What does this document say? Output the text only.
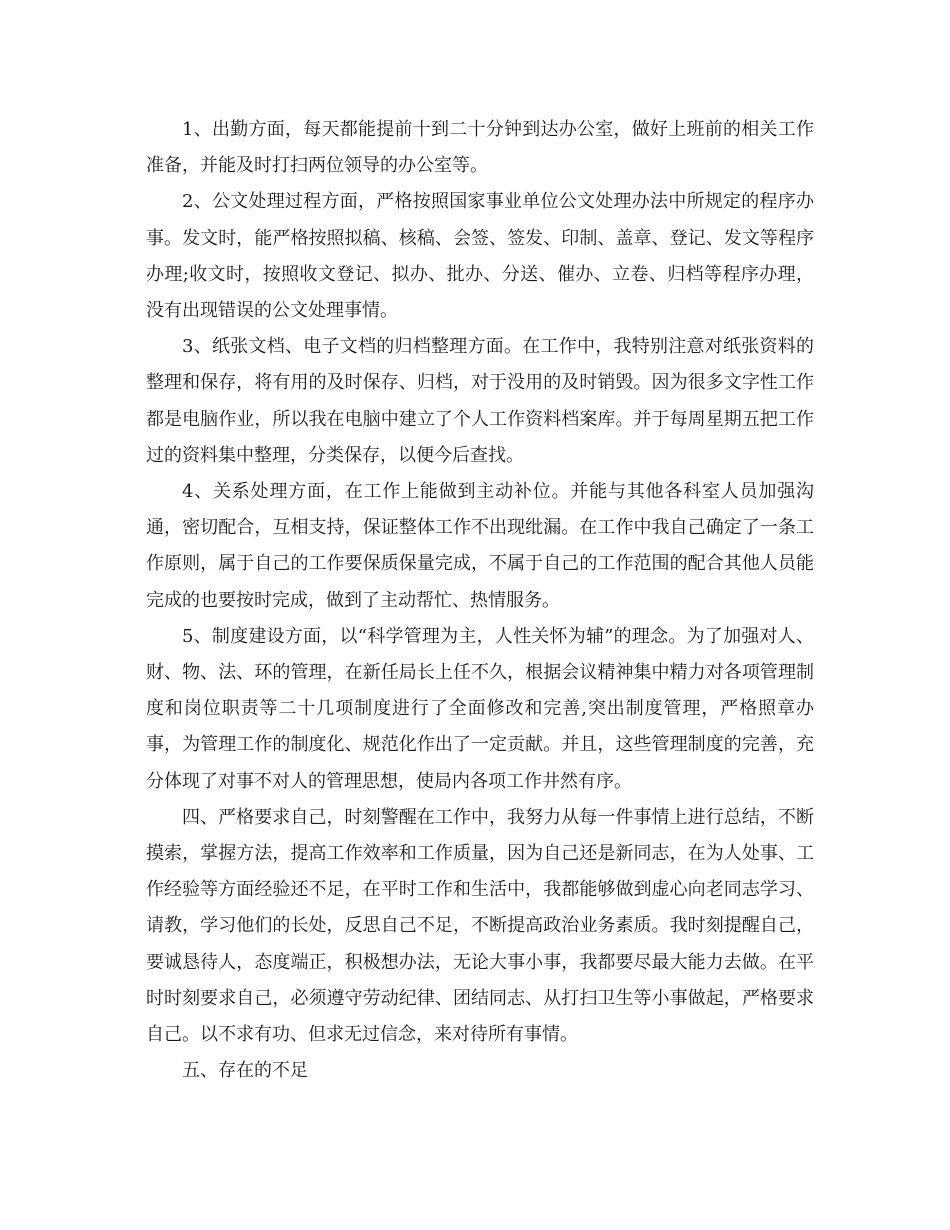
1、出勤方面，每天都能提前十到二十分钟到达办公室，做好上班前的相关工作准备，并能及时打扫两位领导的办公室等。

2、公文处理过程方面，严格按照国家事业单位公文处理办法中所规定的程序办事。发文时，能严格按照拟稿、核稿、会签、签发、印制、盖章、登记、发文等程序办理;收文时，按照收文登记、拟办、批办、分送、催办、立卷、归档等程序办理，没有出现错误的公文处理事情。

3、纸张文档、电子文档的归档整理方面。在工作中，我特别注意对纸张资料的整理和保存，将有用的及时保存、归档，对于没用的及时销毁。因为很多文字性工作都是电脑作业，所以我在电脑中建立了个人工作资料档案库。并于每周星期五把工作过的资料集中整理，分类保存，以便今后查找。

4、关系处理方面，在工作上能做到主动补位。并能与其他各科室人员加强沟通，密切配合，互相支持，保证整体工作不出现纰漏。在工作中我自己确定了一条工作原则，属于自己的工作要保质保量完成，不属于自己的工作范围的配合其他人员能完成的也要按时完成，做到了主动帮忙、热情服务。

5、制度建设方面，以“科学管理为主，人性关怀为辅”的理念。为了加强对人、财、物、法、环的管理，在新任局长上任不久，根据会议精神集中精力对各项管理制度和岗位职责等二十几项制度进行了全面修改和完善,突出制度管理，严格照章办事，为管理工作的制度化、规范化作出了一定贡献。并且，这些管理制度的完善，充分体现了对事不对人的管理思想，使局内各项工作井然有序。

四、严格要求自己，时刻警醒在工作中，我努力从每一件事情上进行总结，不断摸索，掌握方法，提高工作效率和工作质量，因为自己还是新同志，在为人处事、工作经验等方面经验还不足，在平时工作和生活中，我都能够做到虚心向老同志学习、请教，学习他们的长处，反思自己不足，不断提高政治业务素质。我时刻提醒自己，要诚恳待人，态度端正，积极想办法，无论大事小事，我都要尽最大能力去做。在平时时刻要求自己，必须遵守劳动纪律、团结同志、从打扫卫生等小事做起，严格要求自己。以不求有功、但求无过信念，来对待所有事情。

五、存在的不足
